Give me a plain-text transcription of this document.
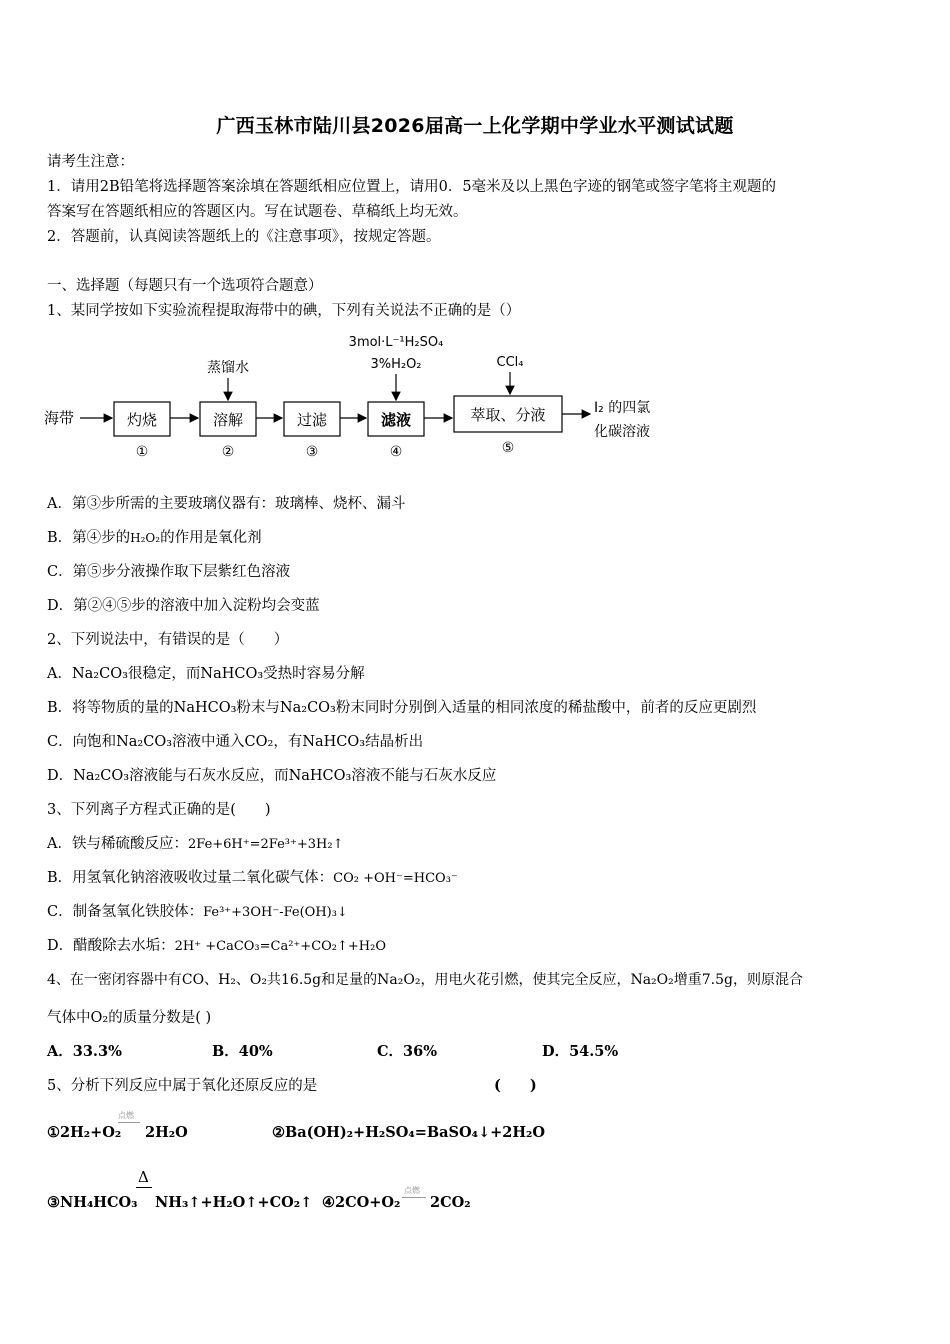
广西玉林市陆川县2026届高一上化学期中学业水平测试试题
请考生注意：
1．请用2B铅笔将选择题答案涂填在答题纸相应位置上，请用0．5毫米及以上黑色字迹的钢笔或签字笔将主观题的
答案写在答题纸相应的答题区内。写在试题卷、草稿纸上均无效。
2．答题前，认真阅读答题纸上的《注意事项》，按规定答题。
一、选择题（每题只有一个选项符合题意）
1、某同学按如下实验流程提取海带中的碘，下列有关说法不正确的是（）
海带	灼烧
①
蒸馏水
溶解
②
过滤
③
3mol·L⁻¹H₂SO₄
3%H₂O₂
滤液
④
CCl₄
萃取、分液
⑤
I₂ 的四氯
化碳溶液
A．第③步所需的主要玻璃仪器有：玻璃棒、烧杯、漏斗
B．第④步的H₂O₂的作用是氧化剂
C．第⑤步分液操作取下层紫红色溶液
D．第②④⑤步的溶液中加入淀粉均会变蓝
2、下列说法中，有错误的是（　　）
A．Na₂CO₃很稳定，而NaHCO₃受热时容易分解
B．将等物质的量的NaHCO₃粉末与Na₂CO₃粉末同时分别倒入适量的相同浓度的稀盐酸中，前者的反应更剧烈
C．向饱和Na₂CO₃溶液中通入CO₂，有NaHCO₃结晶析出
D．Na₂CO₃溶液能与石灰水反应，而NaHCO₃溶液不能与石灰水反应
3、下列离子方程式正确的是(　　)
A．铁与稀硫酸反应：2Fe+6H⁺=2Fe³⁺+3H₂↑
B．用氢氧化钠溶液吸收过量二氧化碳气体：CO₂ +OH⁻=HCO₃⁻
C．制备氢氧化铁胶体：Fe³⁺+3OH⁻-Fe(OH)₃↓
D．醋酸除去水垢：2H⁺ +CaCO₃=Ca²⁺+CO₂↑+H₂O
4、在一密闭容器中有CO、H₂、O₂共16.5g和足量的Na₂O₂，用电火花引燃，使其完全反应，Na₂O₂增重7.5g，则原混合
气体中O₂的质量分数是( )
A．33.3%	B．40%	C．36%	D．54.5%
5、分析下列反应中属于氧化还原反应的是	(　　)
①2H₂+O₂
点燃
2H₂O	②Ba(OH)₂+H₂SO₄=BaSO₄↓+2H₂O
③NH₄HCO₃
Δ
NH₃↑+H₂O↑+CO₂↑ ④2CO+O₂
点燃
2CO₂
